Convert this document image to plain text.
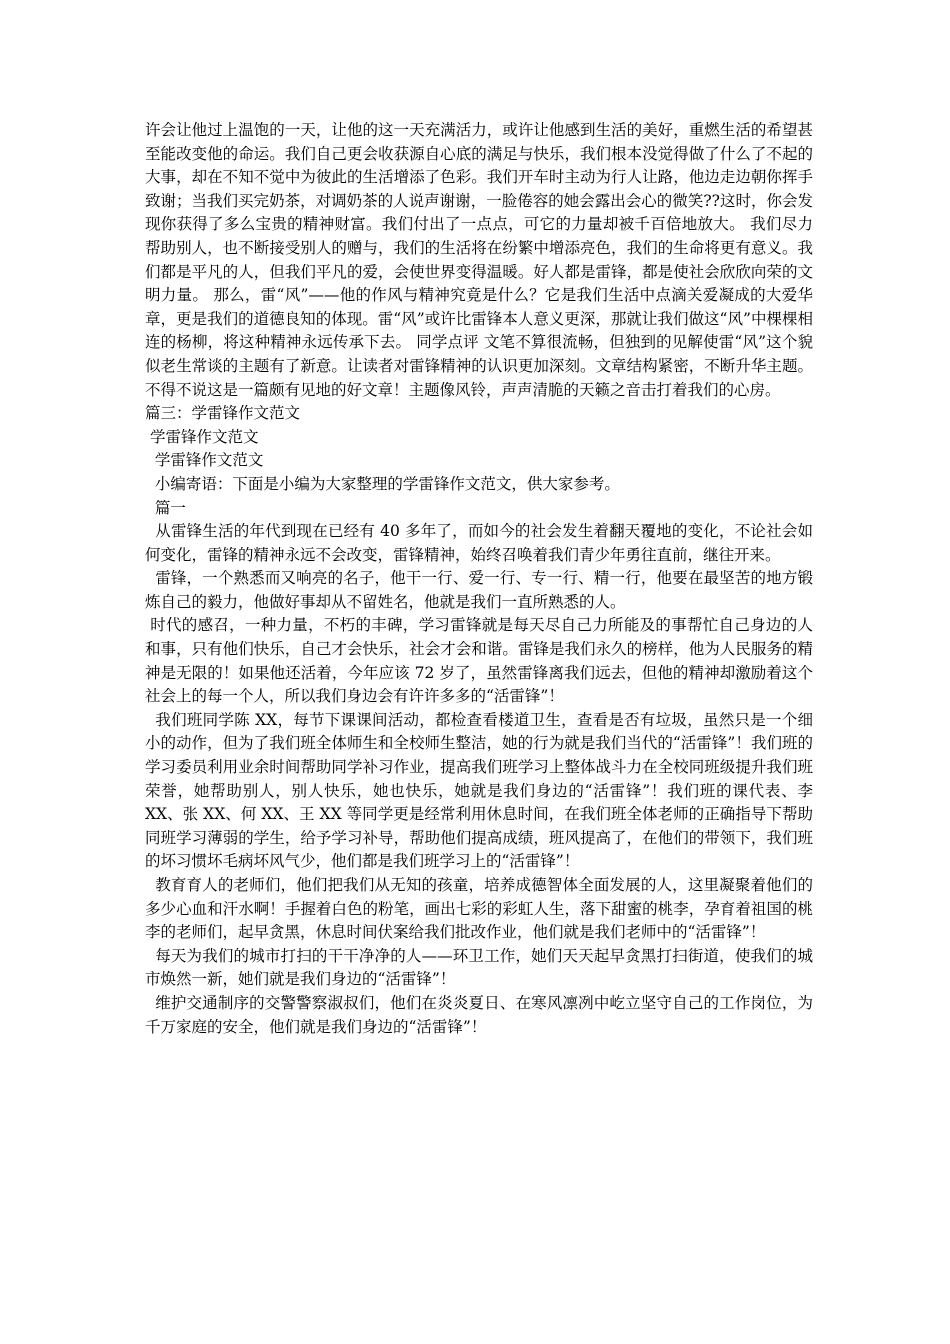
许会让他过上温饱的一天，让他的这一天充满活力，或许让他感到生活的美好，重燃生活的希望甚至能改变他的命运。我们自己更会收获源自心底的满足与快乐，我们根本没觉得做了什么了不起的大事，却在不知不觉中为彼此的生活增添了色彩。我们开车时主动为行人让路，他边走边朝你挥手致谢；当我们买完奶茶，对调奶茶的人说声谢谢，一脸倦容的她会露出会心的微笑??这时，你会发现你获得了多么宝贵的精神财富。我们付出了一点点，可它的力量却被千百倍地放大。 我们尽力帮助别人，也不断接受别人的赠与，我们的生活将在纷繁中增添亮色，我们的生命将更有意义。我们都是平凡的人，但我们平凡的爱，会使世界变得温暖。好人都是雷锋，都是使社会欣欣向荣的文明力量。 那么，雷“风”——他的作风与精神究竟是什么？它是我们生活中点滴关爱凝成的大爱华章，更是我们的道德良知的体现。雷“风”或许比雷锋本人意义更深，那就让我们做这“风”中棵棵相连的杨柳，将这种精神永远传承下去。 同学点评 文笔不算很流畅，但独到的见解使雷“风”这个貌似老生常谈的主题有了新意。让读者对雷锋精神的认识更加深刻。文章结构紧密，不断升华主题。不得不说这是一篇颇有见地的好文章！主题像风铃，声声清脆的天籁之音击打着我们的心房。

篇三：学雷锋作文范文

学雷锋作文范文

学雷锋作文范文

小编寄语：下面是小编为大家整理的学雷锋作文范文，供大家参考。

篇一

从雷锋生活的年代到现在已经有 40 多年了，而如今的社会发生着翻天覆地的变化，不论社会如何变化，雷锋的精神永远不会改变，雷锋精神，始终召唤着我们青少年勇往直前，继往开来。

雷锋，一个熟悉而又响亮的名子，他干一行、爱一行、专一行、精一行，他要在最坚苦的地方锻炼自己的毅力，他做好事却从不留姓名，他就是我们一直所熟悉的人。

时代的感召，一种力量，不朽的丰碑，学习雷锋就是每天尽自己力所能及的事帮忙自己身边的人和事，只有他们快乐，自己才会快乐，社会才会和谐。雷锋是我们永久的榜样，他为人民服务的精神是无限的！如果他还活着，今年应该 72 岁了，虽然雷锋离我们远去，但他的精神却激励着这个社会上的每一个人，所以我们身边会有许许多多的“活雷锋”！

我们班同学陈 XX，每节下课课间活动，都检查看楼道卫生，查看是否有垃圾，虽然只是一个细小的动作，但为了我们班全体师生和全校师生整洁，她的行为就是我们当代的“活雷锋”！我们班的学习委员利用业余时间帮助同学补习作业，提高我们班学习上整体战斗力在全校同班级提升我们班荣誉，她帮助别人，别人快乐，她也快乐，她就是我们身边的“活雷锋”！我们班的课代表、李 XX、张 XX、何 XX、王 XX 等同学更是经常利用休息时间，在我们班全体老师的正确指导下帮助同班学习薄弱的学生，给予学习补导，帮助他们提高成绩，班风提高了，在他们的带领下，我们班的坏习惯坏毛病坏风气少，他们都是我们班学习上的“活雷锋”！

教育育人的老师们，他们把我们从无知的孩童，培养成德智体全面发展的人，这里凝聚着他们的多少心血和汗水啊！手握着白色的粉笔，画出七彩的彩虹人生，落下甜蜜的桃李，孕育着祖国的桃李的老师们，起早贪黑，休息时间伏案给我们批改作业，他们就是我们老师中的“活雷锋”！

每天为我们的城市打扫的干干净净的人——环卫工作，她们天天起早贪黑打扫街道，使我们的城市焕然一新，她们就是我们身边的“活雷锋”！

维护交通制序的交警警察淑叔们，他们在炎炎夏日、在寒风凛冽中屹立坚守自己的工作岗位，为千万家庭的安全，他们就是我们身边的“活雷锋”！
